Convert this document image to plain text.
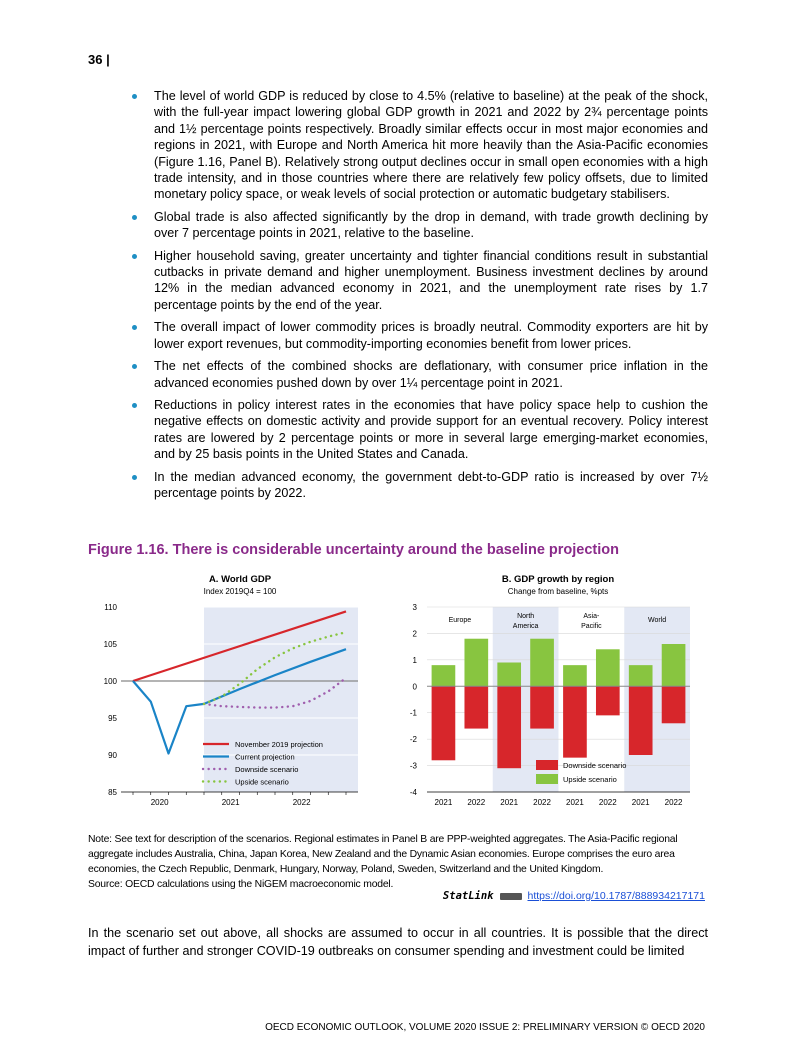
36 |
The level of world GDP is reduced by close to 4.5% (relative to baseline) at the peak of the shock, with the full-year impact lowering global GDP growth in 2021 and 2022 by 2¾ percentage points and 1½ percentage points respectively. Broadly similar effects occur in most major economies and regions in 2021, with Europe and North America hit more heavily than the Asia-Pacific economies (Figure 1.16, Panel B). Relatively strong output declines occur in small open economies with a high trade intensity, and in those countries where there are relatively few policy offsets, due to limited monetary policy space, or weak levels of social protection or automatic budgetary stabilisers.
Global trade is also affected significantly by the drop in demand, with trade growth declining by over 7 percentage points in 2021, relative to the baseline.
Higher household saving, greater uncertainty and tighter financial conditions result in substantial cutbacks in private demand and higher unemployment. Business investment declines by around 12% in the median advanced economy in 2021, and the unemployment rate rises by 1.7 percentage points by the end of the year.
The overall impact of lower commodity prices is broadly neutral. Commodity exporters are hit by lower export revenues, but commodity-importing economies benefit from lower prices.
The net effects of the combined shocks are deflationary, with consumer price inflation in the advanced economies pushed down by over 1¼ percentage point in 2021.
Reductions in policy interest rates in the economies that have policy space help to cushion the negative effects on domestic activity and provide support for an eventual recovery. Policy interest rates are lowered by 2 percentage points or more in several large emerging-market economies, and by 25 basis points in the United States and Canada.
In the median advanced economy, the government debt-to-GDP ratio is increased by over 7½ percentage points by 2022.
Figure 1.16. There is considerable uncertainty around the baseline projection
A. World GDP
Index 2019Q4 = 100
85
90
95
100
105
110
2020	2021	2022
November 2019 projection
Current projection
Downside scenario
Upside scenario
B. GDP growth by region
Change from baseline, %pts
-4
-3
-2
-1
0
1
2
3
Europe
North
America
Asia-
Pacific
World
2021 2022 2021 2022 2021 2022 2021 2022
Downside scenario
Upside scenario
Note: See text for description of the scenarios. Regional estimates in Panel B are PPP-weighted aggregates. The Asia-Pacific regional aggregate includes Australia, China, Japan Korea, New Zealand and the Dynamic Asian economies. Europe comprises the euro area economies, the Czech Republic, Denmark, Hungary, Norway, Poland, Sweden, Switzerland and the United Kingdom.
Source: OECD calculations using the NiGEM macroeconomic model.
StatLink	https://doi.org/10.1787/888934217171
In the scenario set out above, all shocks are assumed to occur in all countries. It is possible that the direct impact of further and stronger COVID-19 outbreaks on consumer spending and investment could be limited
OECD ECONOMIC OUTLOOK, VOLUME 2020 ISSUE 2: PRELIMINARY VERSION © OECD 2020
